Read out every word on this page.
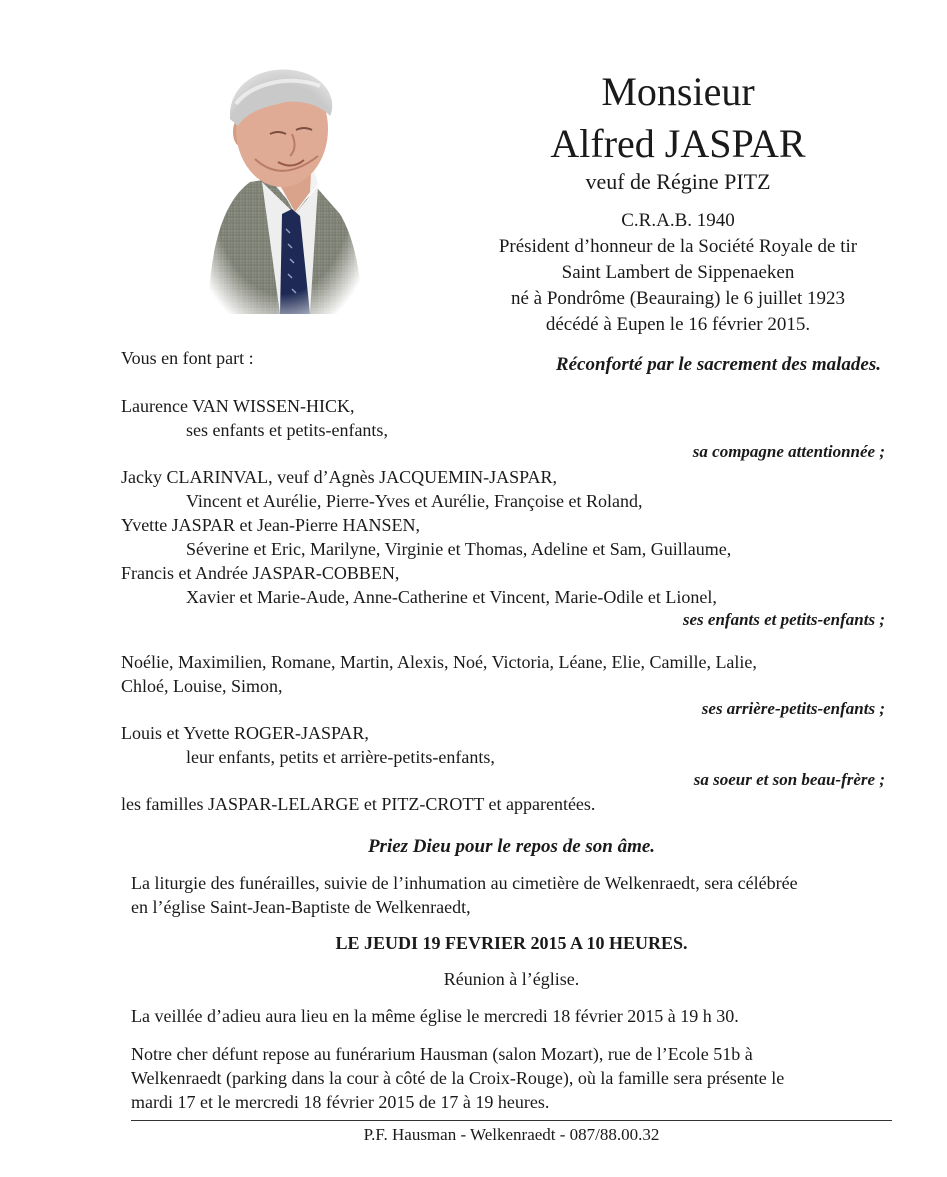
Monsieur
Alfred JASPAR
veuf de Régine PITZ
C.R.A.B. 1940
Président d’honneur de la Société Royale de tir
Saint Lambert de Sippenaeken
né à Pondrôme (Beauraing) le 6 juillet 1923
décédé à Eupen le 16 février 2015.
Réconforté par le sacrement des malades.
Vous en font part :
Laurence VAN WISSEN-HICK,
ses enfants et petits-enfants,
sa compagne attentionnée ;
Jacky CLARINVAL, veuf d’Agnès JACQUEMIN-JASPAR,
Vincent et Aurélie, Pierre-Yves et Aurélie, Françoise et Roland,
Yvette JASPAR et Jean-Pierre HANSEN,
Séverine et Eric, Marilyne, Virginie et Thomas, Adeline et Sam, Guillaume,
Francis et Andrée JASPAR-COBBEN,
Xavier et Marie-Aude, Anne-Catherine et Vincent, Marie-Odile et Lionel,
ses enfants et petits-enfants ;
Noélie, Maximilien, Romane, Martin, Alexis, Noé, Victoria, Léane, Elie, Camille, Lalie,
Chloé, Louise, Simon,
ses arrière-petits-enfants ;
Louis et Yvette ROGER-JASPAR,
leur enfants, petits et arrière-petits-enfants,
sa soeur et son beau-frère ;
les familles JASPAR-LELARGE et PITZ-CROTT et apparentées.
Priez Dieu pour le repos de son âme.
La liturgie des funérailles, suivie de l’inhumation au cimetière de Welkenraedt, sera célébrée
en l’église Saint-Jean-Baptiste de Welkenraedt,
LE JEUDI 19 FEVRIER 2015 A 10 HEURES.
Réunion à l’église.
La veillée d’adieu aura lieu en la même église le mercredi 18 février 2015 à 19 h 30.
Notre cher défunt repose au funérarium Hausman (salon Mozart), rue de l’Ecole 51b à
Welkenraedt (parking dans la cour à côté de la Croix-Rouge), où la famille sera présente le
mardi 17 et le mercredi 18 février 2015 de 17 à 19 heures.
P.F. Hausman - Welkenraedt - 087/88.00.32
